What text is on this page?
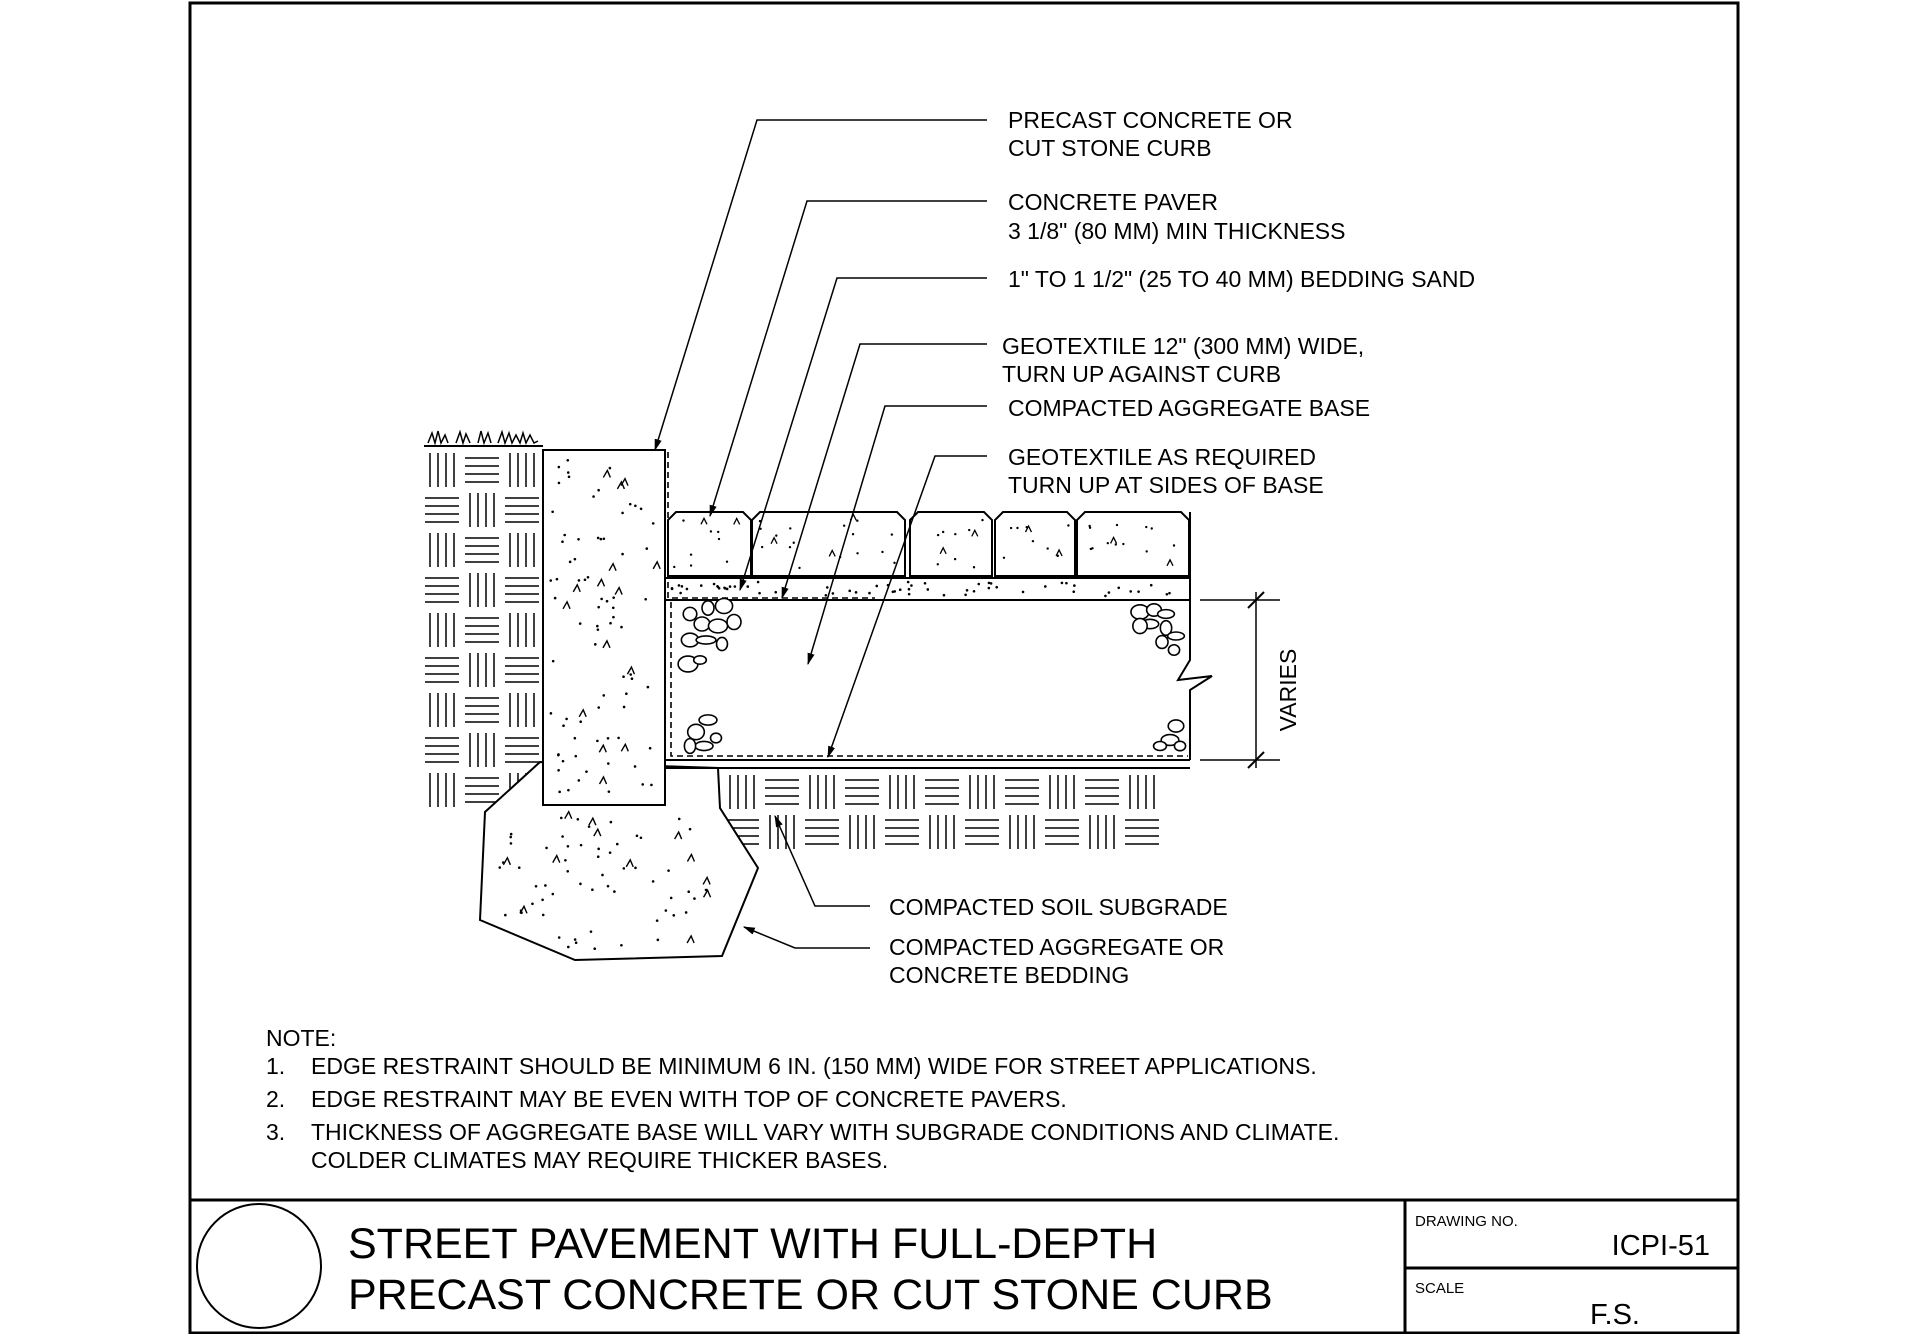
VARIES
PRECAST CONCRETE OR
CUT STONE CURB
CONCRETE PAVER
3 1/8" (80 MM) MIN THICKNESS
1" TO 1 1/2" (25 TO 40 MM) BEDDING SAND
GEOTEXTILE 12" (300 MM) WIDE,
TURN UP AGAINST CURB
COMPACTED AGGREGATE BASE
GEOTEXTILE AS REQUIRED
TURN UP AT SIDES OF BASE
COMPACTED SOIL SUBGRADE
COMPACTED AGGREGATE OR
CONCRETE BEDDING
NOTE:
1. EDGE RESTRAINT SHOULD BE MINIMUM 6 IN. (150 MM) WIDE FOR STREET APPLICATIONS.
2. EDGE RESTRAINT MAY BE EVEN WITH TOP OF CONCRETE PAVERS.
3. THICKNESS OF AGGREGATE BASE WILL VARY WITH SUBGRADE CONDITIONS AND CLIMATE.
COLDER CLIMATES MAY REQUIRE THICKER BASES.
STREET PAVEMENT WITH FULL-DEPTH
PRECAST CONCRETE OR CUT STONE CURB
DRAWING NO.
ICPI-51
SCALE
F.S.
